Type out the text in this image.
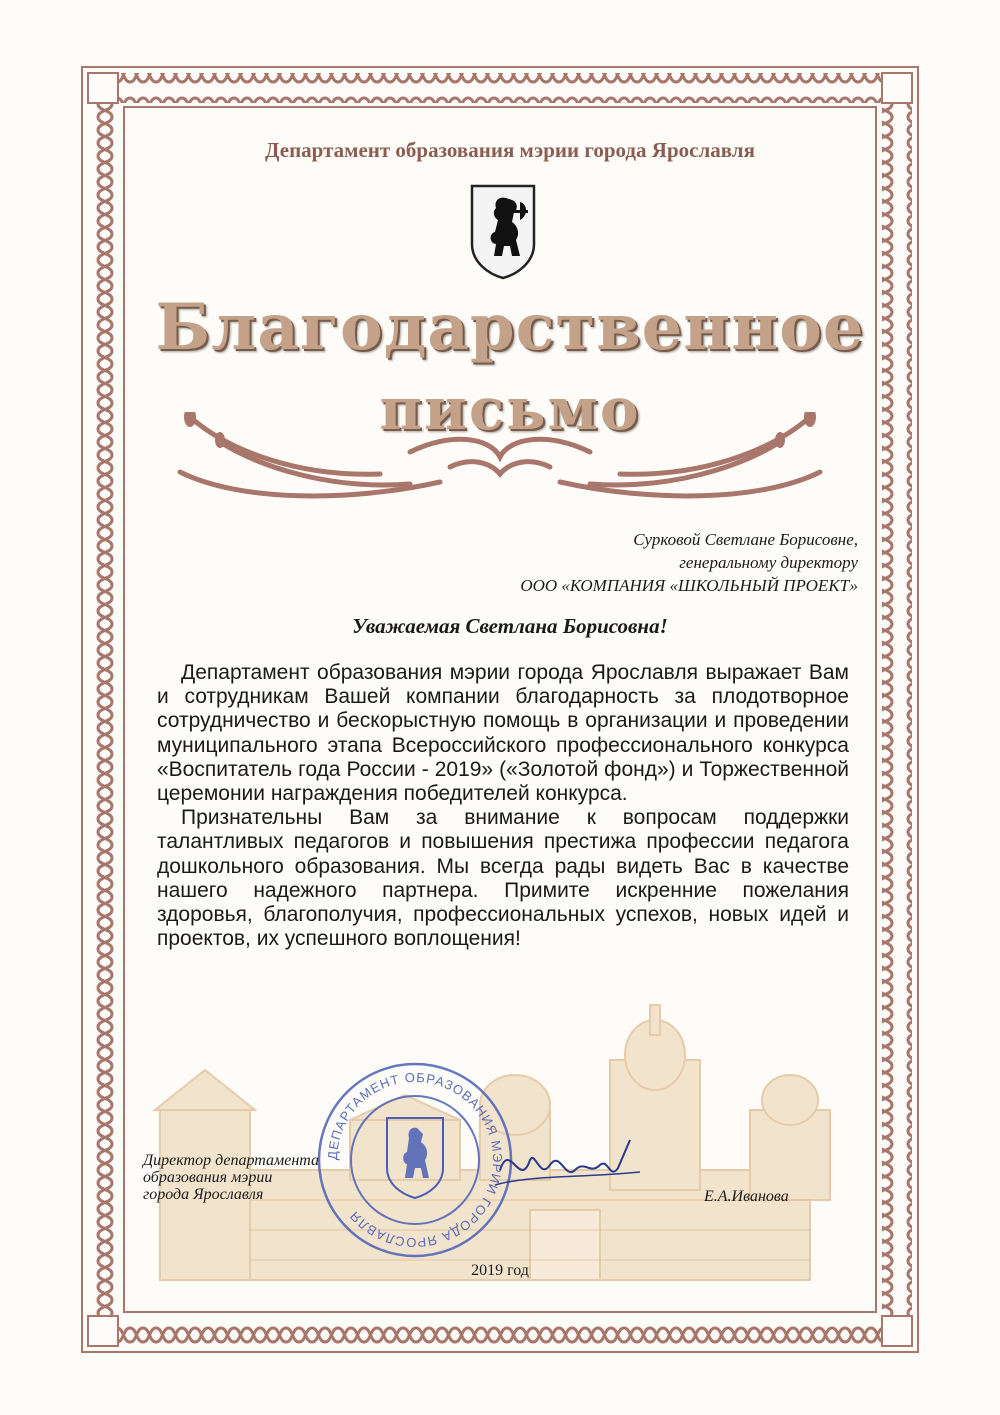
Департамент образования мэрии города Ярославля
Благодарственное
письмо
Сурковой Светлане Борисовне,
генеральному директору
ООО «КОМПАНИЯ «ШКОЛЬНЫЙ ПРОЕКТ»
Уважаемая Светлана Борисовна!

Департамент образования мэрии города Ярославля выражает Вам и сотрудникам Вашей компании благодарность за плодотворное сотрудничество и бескорыстную помощь в организации и проведении муниципального этапа Всероссийского профессионального конкурса «Воспитатель года России - 2019» («Золотой фонд») и Торжественной церемонии награждения победителей конкурса.

Признательны Вам за внимание к вопросам поддержки талантливых педагогов и повышения престижа профессии педагога дошкольного образования. Мы всегда рады видеть Вас в качестве нашего надежного партнера. Примите искренние пожелания здоровья, благополучия, профессиональных успехов, новых идей и проектов, их успешного воплощения!

ДЕПАРТАМЕНТ ОБРАЗОВАНИЯ МЭРИИ ГОРОДА ЯРОСЛАВЛЯ
Директор департамента
образования мэрии
города Ярославля	Е.А.Иванова
2019 год
